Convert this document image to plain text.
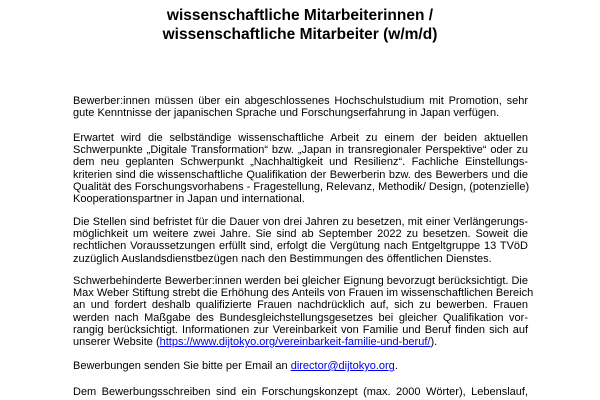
wissenschaftliche Mitarbeiterinnen /
wissenschaftliche Mitarbeiter (w/m/d)
Bewerber:innen müssen über ein abgeschlossenes Hochschulstudium mit Promotion, sehr
gute Kenntnisse der japanischen Sprache und Forschungserfahrung in Japan verfügen.
Erwartet wird die selbständige wissenschaftliche Arbeit zu einem der beiden aktuellen
Schwerpunkte „Digitale Transformation“ bzw. „Japan in transregionaler Perspektive“ oder zu
dem neu geplanten Schwerpunkt „Nachhaltigkeit und Resilienz“. Fachliche Einstellungs-
kriterien sind die wissenschaftliche Qualifikation der Bewerberin bzw. des Bewerbers und die
Qualität des Forschungsvorhabens - Fragestellung, Relevanz, Methodik/ Design, (potenzielle)
Kooperationspartner in Japan und international.
Die Stellen sind befristet für die Dauer von drei Jahren zu besetzen, mit einer Verlängerungs-
möglichkeit um weitere zwei Jahre. Sie sind ab September 2022 zu besetzen. Soweit die
rechtlichen Voraussetzungen erfüllt sind, erfolgt die Vergütung nach Entgeltgruppe 13 TVöD
zuzüglich Auslandsdienstbezügen nach den Bestimmungen des öffentlichen Dienstes.
Schwerbehinderte Bewerber:innen werden bei gleicher Eignung bevorzugt berücksichtigt. Die
Max Weber Stiftung strebt die Erhöhung des Anteils von Frauen im wissenschaftlichen Bereich
an und fordert deshalb qualifizierte Frauen nachdrücklich auf, sich zu bewerben. Frauen
werden nach Maßgabe des Bundesgleichstellungsgesetzes bei gleicher Qualifikation vor-
rangig berücksichtigt. Informationen zur Vereinbarkeit von Familie und Beruf finden sich auf
unserer Website (https://www.dijtokyo.org/vereinbarkeit-familie-und-beruf/).
Bewerbungen senden Sie bitte per Email an director@dijtokyo.org.
Dem Bewerbungsschreiben sind ein Forschungskonzept (max. 2000 Wörter), Lebenslauf,
